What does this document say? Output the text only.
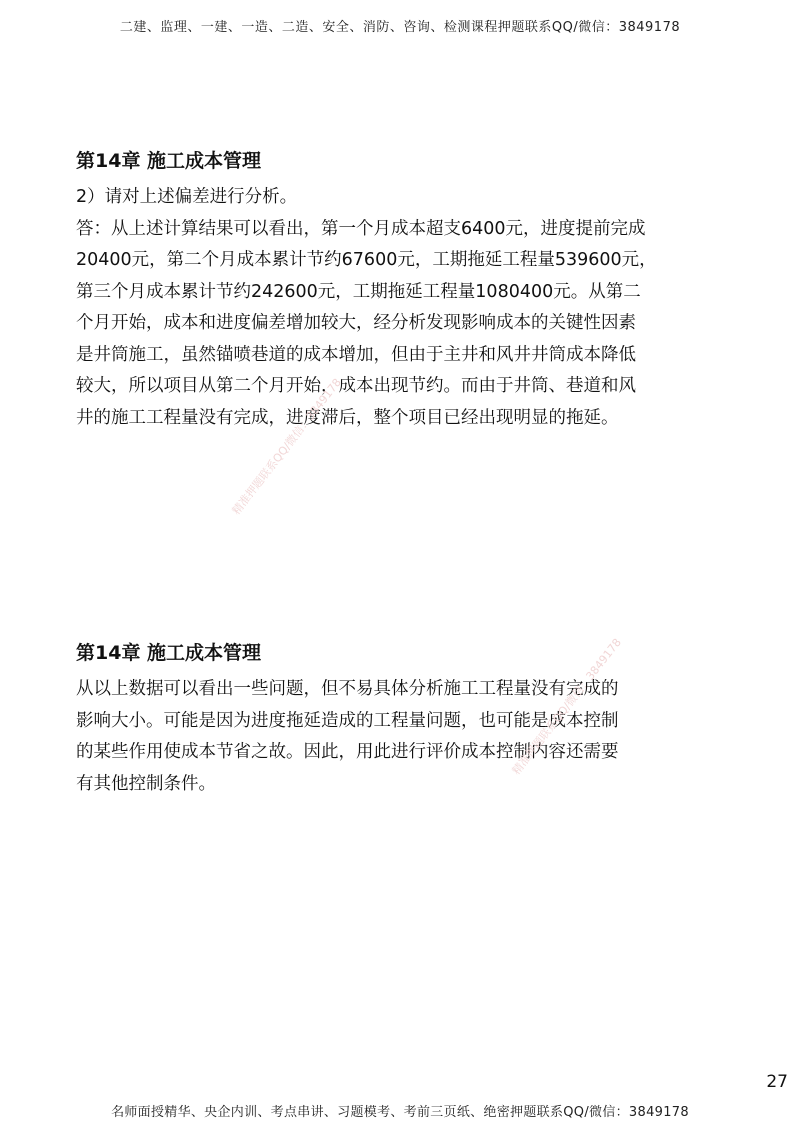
二建、监理、一建、一造、二造、安全、消防、咨询、检测课程押题联系QQ/微信：3849178
第14章 施工成本管理

2）请对上述偏差进行分析。

答：从上述计算结果可以看出，第一个月成本超支6400元，进度提前完成

20400元，第二个月成本累计节约67600元，工期拖延工程量539600元，

第三个月成本累计节约242600元，工期拖延工程量1080400元。从第二

个月开始，成本和进度偏差增加较大，经分析发现影响成本的关键性因素

是井筒施工，虽然锚喷巷道的成本增加，但由于主井和风井井筒成本降低

较大，所以项目从第二个月开始，成本出现节约。而由于井筒、巷道和风

井的施工工程量没有完成，进度滞后，整个项目已经出现明显的拖延。

第14章 施工成本管理

从以上数据可以看出一些问题，但不易具体分析施工工程量没有完成的

影响大小。可能是因为进度拖延造成的工程量问题，也可能是成本控制

的某些作用使成本节省之故。因此，用此进行评价成本控制内容还需要

有其他控制条件。

精准押题联系QQ/微信：3849178
精准押题联系QQ/微信：3849178
27
名师面授精华、央企内训、考点串讲、习题模考、考前三页纸、绝密押题联系QQ/微信：3849178
